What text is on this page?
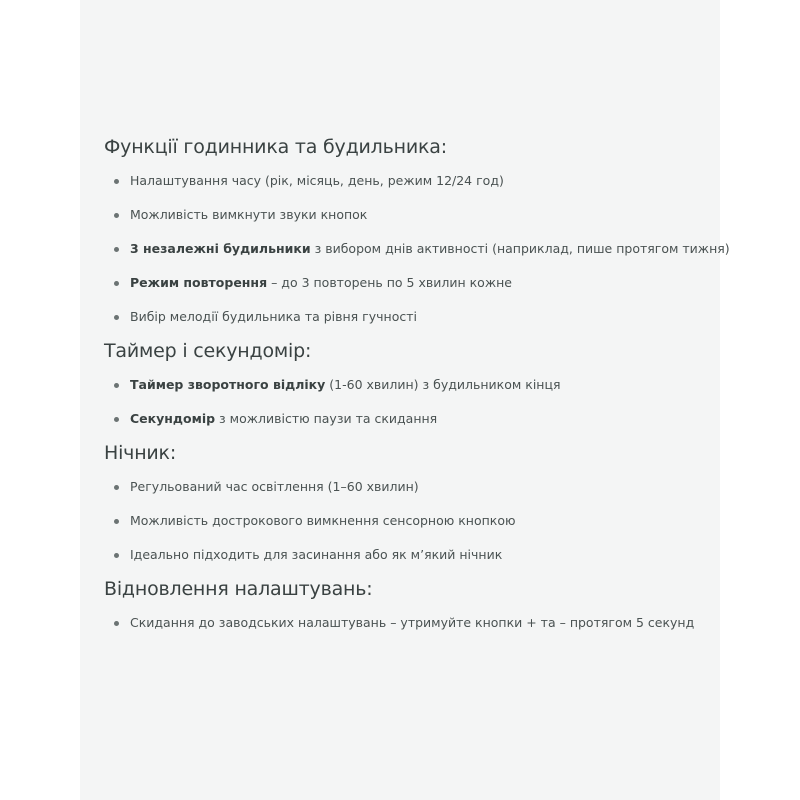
Функції годинника та будильника:
Налаштування часу (рік, місяць, день, режим 12/24 год)
Можливість вимкнути звуки кнопок
3 незалежні будильники з вибором днів активності (наприклад, пише протягом тижня)
Режим повторення – до 3 повторень по 5 хвилин кожне
Вибір мелодії будильника та рівня гучності
Таймер і секундомір:
Таймер зворотного відліку (1-60 хвилин) з будильником кінця
Секундомір з можливістю паузи та скидання
Нічник:
Регульований час освітлення (1–60 хвилин)
Можливість дострокового вимкнення сенсорною кнопкою
Ідеально підходить для засинання або як м’який нічник
Відновлення налаштувань:
Скидання до заводських налаштувань – утримуйте кнопки + та – протягом 5 секунд
